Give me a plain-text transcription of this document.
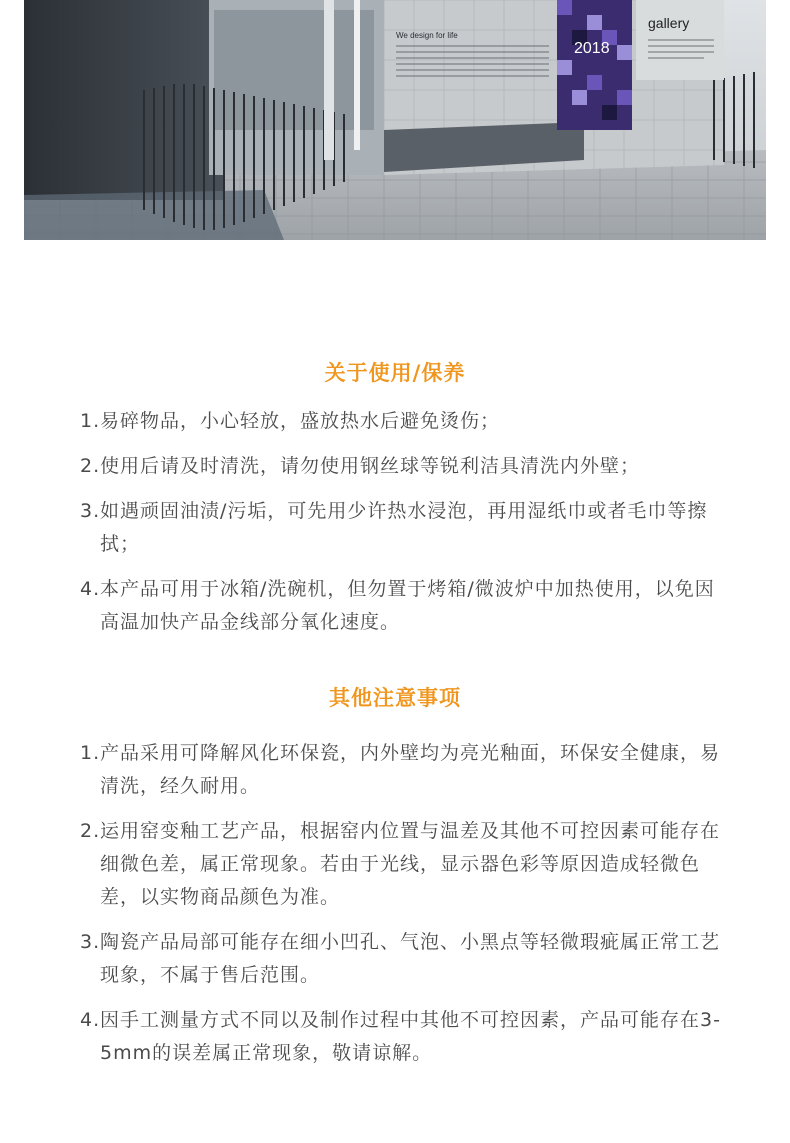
2018
gallery
We design for life
关于使用/保养
1. 易碎物品，小心轻放，盛放热水后避免烫伤；
2. 使用后请及时清洗，请勿使用钢丝球等锐利洁具清洗内外壁；
3. 如遇顽固油渍/污垢，可先用少许热水浸泡，再用湿纸巾或者毛巾等擦拭；
4. 本产品可用于冰箱/洗碗机，但勿置于烤箱/微波炉中加热使用，以免因高温加快产品金线部分氧化速度。
其他注意事项
1. 产品采用可降解风化环保瓷，内外壁均为亮光釉面，环保安全健康，易清洗，经久耐用。
2. 运用窑变釉工艺产品，根据窑内位置与温差及其他不可控因素可能存在细微色差，属正常现象。若由于光线，显示器色彩等原因造成轻微色差，以实物商品颜色为准。
3. 陶瓷产品局部可能存在细小凹孔、气泡、小黑点等轻微瑕疵属正常工艺现象，不属于售后范围。
4. 因手工测量方式不同以及制作过程中其他不可控因素，产品可能存在3-5mm的误差属正常现象，敬请谅解。
